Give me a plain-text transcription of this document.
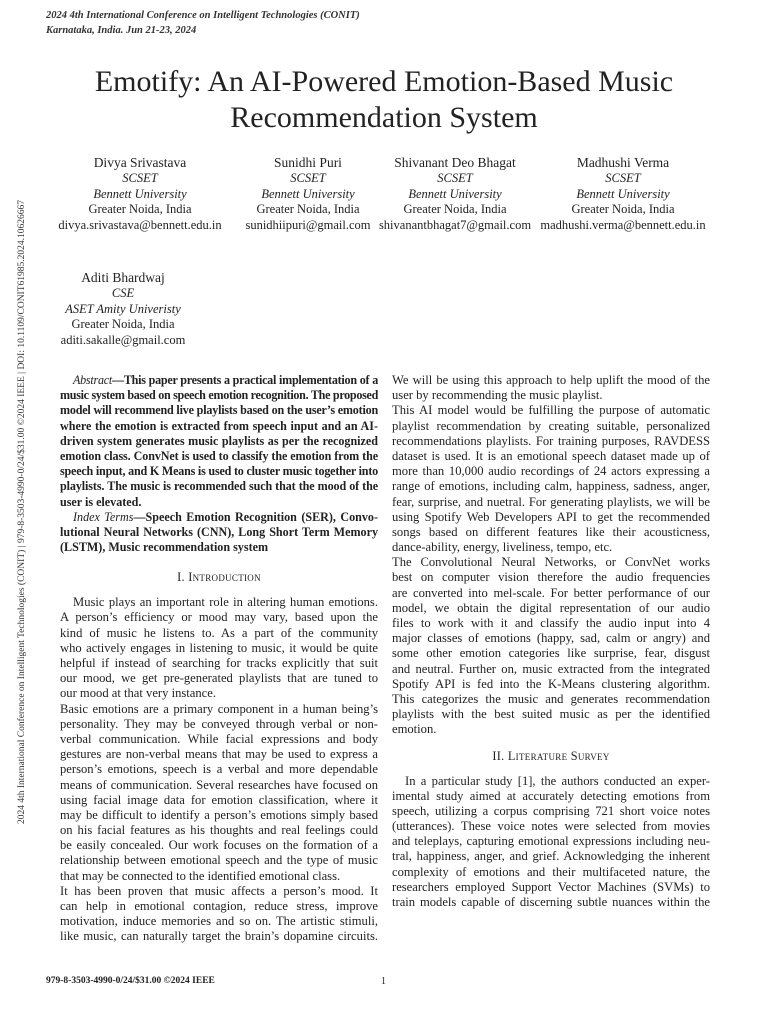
2024 4th International Conference on Intelligent Technologies (CONIT)
Karnataka, India. Jun 21-23, 2024
2024 4th International Conference on Intelligent Technologies (CONIT) | 979-8-3503-4990-0/24/$31.00 ©2024 IEEE | DOI: 10.1109/CONIT61985.2024.10626667
Emotify: An AI-Powered Emotion-Based Music
Recommendation System
Divya Srivastava
SCSET
Bennett University
Greater Noida, India
divya.srivastava@bennett.edu.in
Sunidhi Puri
SCSET
Bennett University
Greater Noida, India
sunidhiipuri@gmail.com
Shivanant Deo Bhagat
SCSET
Bennett University
Greater Noida, India
shivanantbhagat7@gmail.com
Madhushi Verma
SCSET
Bennett University
Greater Noida, India
madhushi.verma@bennett.edu.in
Aditi Bhardwaj
CSE
ASET Amity Univeristy
Greater Noida, India
aditi.sakalle@gmail.com
Abstract—This paper presents a practical implementation of a
music system based on speech emotion recognition. The proposed
model will recommend live playlists based on the user’s emotion
where the emotion is extracted from speech input and an AI-
driven system generates music playlists as per the recognized
emotion class. ConvNet is used to classify the emotion from the
speech input, and K Means is used to cluster music together into
playlists. The music is recommended such that the mood of the
user is elevated.
Index Terms—Speech Emotion Recognition (SER), Convo-
lutional Neural Networks (CNN), Long Short Term Memory
(LSTM), Music recommendation system
I. Introduction
Music plays an important role in altering human emotions.
A person’s efficiency or mood may vary, based upon the
kind of music he listens to. As a part of the community
who actively engages in listening to music, it would be quite
helpful if instead of searching for tracks explicitly that suit
our mood, we get pre-generated playlists that are tuned to
our mood at that very instance.
Basic emotions are a primary component in a human being’s
personality. They may be conveyed through verbal or non-
verbal communication. While facial expressions and body
gestures are non-verbal means that may be used to express a
person’s emotions, speech is a verbal and more dependable
means of communication. Several researches have focused on
using facial image data for emotion classification, where it
may be difficult to identify a person’s emotions simply based
on his facial features as his thoughts and real feelings could
be easily concealed. Our work focuses on the formation of a
relationship between emotional speech and the type of music
that may be connected to the identified emotional class.
It has been proven that music affects a person’s mood. It
can help in emotional contagion, reduce stress, improve
motivation, induce memories and so on. The artistic stimuli,
like music, can naturally target the brain’s dopamine circuits.
We will be using this approach to help uplift the mood of the
user by recommending the music playlist.
This AI model would be fulfilling the purpose of automatic
playlist recommendation by creating suitable, personalized
recommendations playlists. For training purposes, RAVDESS
dataset is used. It is an emotional speech dataset made up of
more than 10,000 audio recordings of 24 actors expressing a
range of emotions, including calm, happiness, sadness, anger,
fear, surprise, and nuetral. For generating playlists, we will be
using Spotify Web Developers API to get the recommended
songs based on different features like their acousticness,
dance-ability, energy, liveliness, tempo, etc.
The Convolutional Neural Networks, or ConvNet works
best on computer vision therefore the audio frequencies
are converted into mel-scale. For better performance of our
model, we obtain the digital representation of our audio
files to work with it and classify the audio input into 4
major classes of emotions (happy, sad, calm or angry) and
some other emotion categories like surprise, fear, disgust
and neutral. Further on, music extracted from the integrated
Spotify API is fed into the K-Means clustering algorithm.
This categorizes the music and generates recommendation
playlists with the best suited music as per the identified
emotion.
II. Literature Survey
In a particular study [1], the authors conducted an exper-
imental study aimed at accurately detecting emotions from
speech, utilizing a corpus comprising 721 short voice notes
(utterances). These voice notes were selected from movies
and teleplays, capturing emotional expressions including neu-
tral, happiness, anger, and grief. Acknowledging the inherent
complexity of emotions and their multifaceted nature, the
researchers employed Support Vector Machines (SVMs) to
train models capable of discerning subtle nuances within the
979-8-3503-4990-0/24/$31.00 ©2024 IEEE	1
